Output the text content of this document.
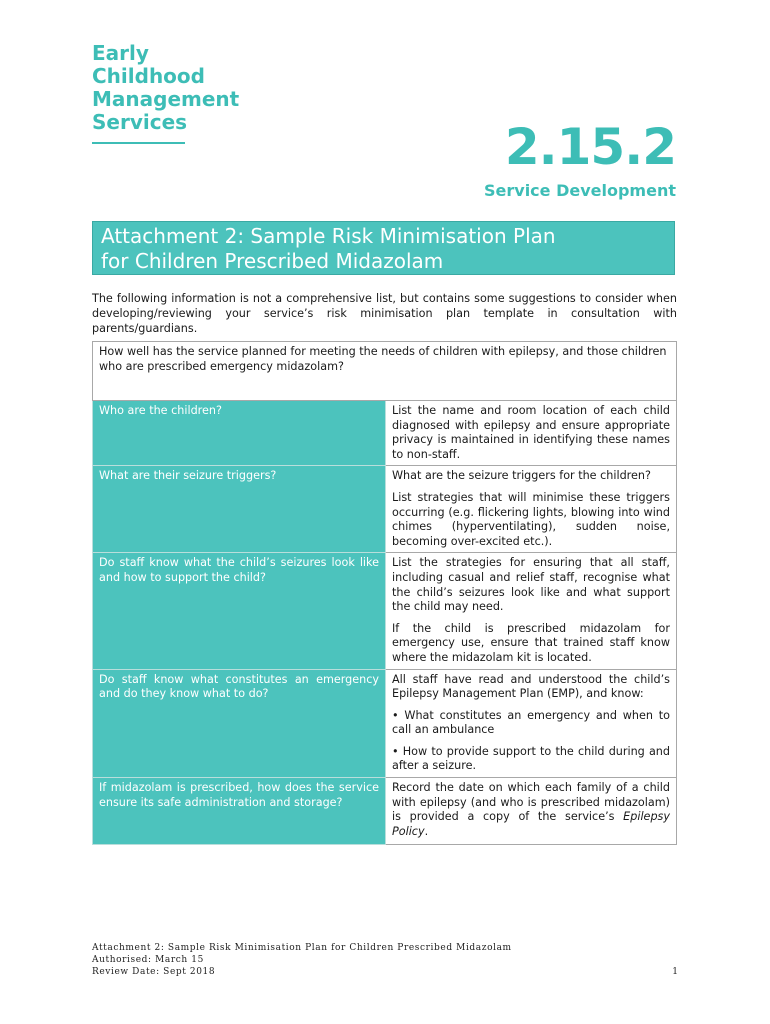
Early
Childhood
Management
Services	2.15.2
Service Development
Attachment 2: Sample Risk Minimisation Plan
for Children Prescribed Midazolam
The following information is not a comprehensive list, but contains some suggestions to consider when developing/reviewing your service’s risk minimisation plan template in consultation with parents/guardians.
How well has the service planned for meeting the needs of children with epilepsy, and those children who are prescribed emergency midazolam?	
Who are the children?	List the name and room location of each child diagnosed with epilepsy and ensure appropriate privacy is maintained in identifying these names to non-staff.

What are their seizure triggers?	What are the seizure triggers for the children?

List strategies that will minimise these triggers occurring (e.g. flickering lights, blowing into wind chimes (hyperventilating), sudden noise, becoming over-excited etc.).

Do staff know what the child’s seizures look like and how to support the child?	List the strategies for ensuring that all staff, including casual and relief staff, recognise what the child’s seizures look like and what support the child may need.

If the child is prescribed midazolam for emergency use, ensure that trained staff know where the midazolam kit is located.

Do staff know what constitutes an emergency and do they know what to do?	All staff have read and understood the child’s Epilepsy Management Plan (EMP), and know:

• What constitutes an emergency and when to call an ambulance

• How to provide support to the child during and after a seizure.

If midazolam is prescribed, how does the service ensure its safe administration and storage?	Record the date on which each family of a child with epilepsy (and who is prescribed midazolam) is provided a copy of the service’s Epilepsy Policy.

Attachment 2: Sample Risk Minimisation Plan for Children Prescribed Midazolam
Authorised: March 15
Review Date: Sept 2018	1
